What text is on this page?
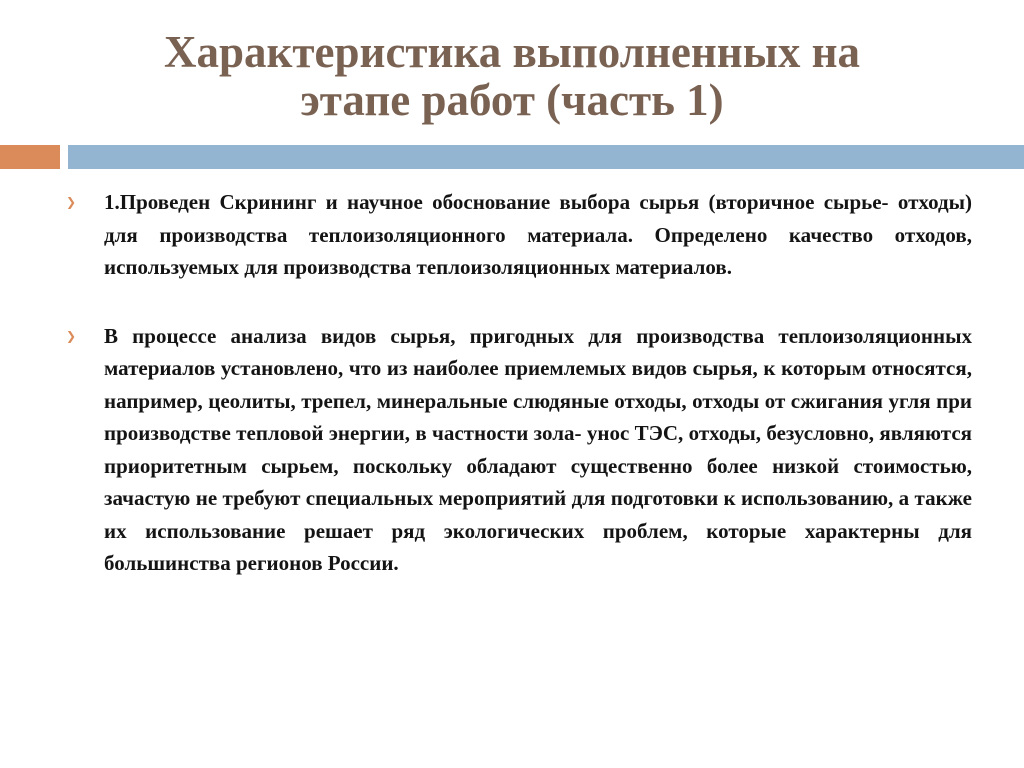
Характеристика выполненных на
этапе работ (часть 1)
❯	1.Проведен Скрининг и научное обоснование выбора сырья (вторичное сырье- отходы) для производства теплоизоляционного материала. Определено качество отходов, используемых для производства теплоизоляционных материалов.

❯	В процессе анализа видов сырья, пригодных для производства теплоизоляционных материалов установлено, что из наиболее приемлемых видов сырья, к которым относятся, например, цеолиты, трепел, минеральные слюдяные отходы, отходы от сжигания угля при производстве тепловой энергии, в частности зола- унос ТЭС, отходы, безусловно, являются приоритетным сырьем, поскольку обладают существенно более низкой стоимостью, зачастую не требуют специальных мероприятий для подготовки к использованию, а также их использование решает ряд экологических проблем, которые характерны для большинства регионов России.
